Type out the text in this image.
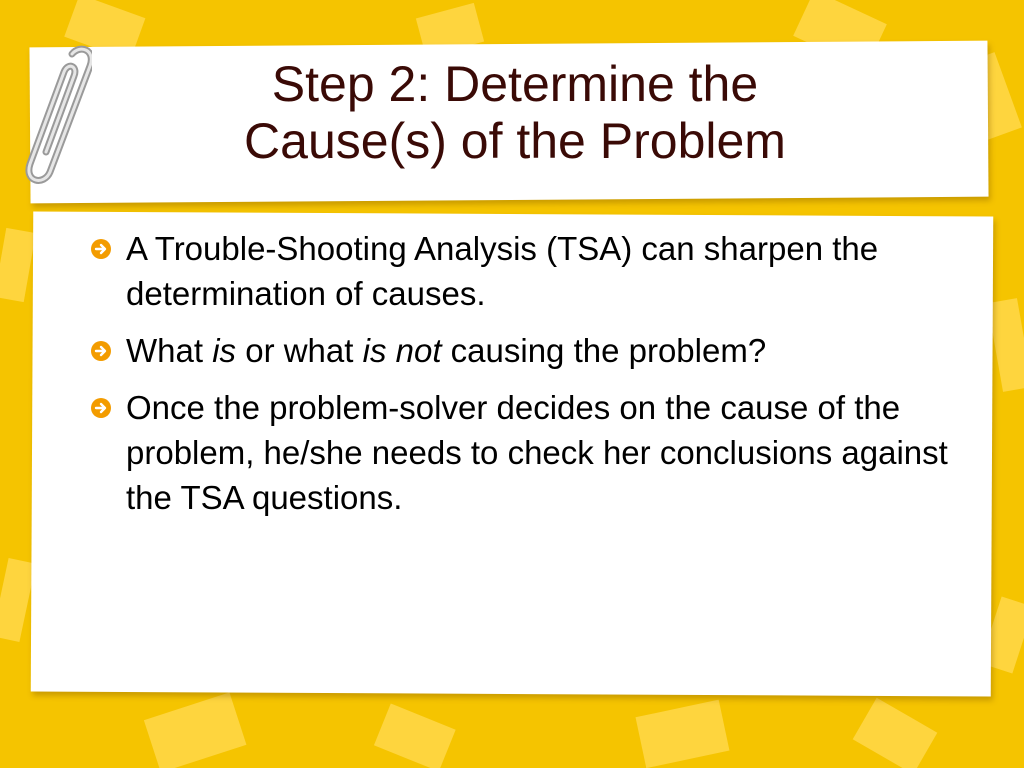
Step 2: Determine the
Cause(s) of the Problem
A Trouble-Shooting Analysis (TSA) can sharpen the determination of causes.
What is or what is not causing the problem?
Once the problem-solver decides on the cause of the problem, he/she needs to check her conclusions against the TSA questions.
